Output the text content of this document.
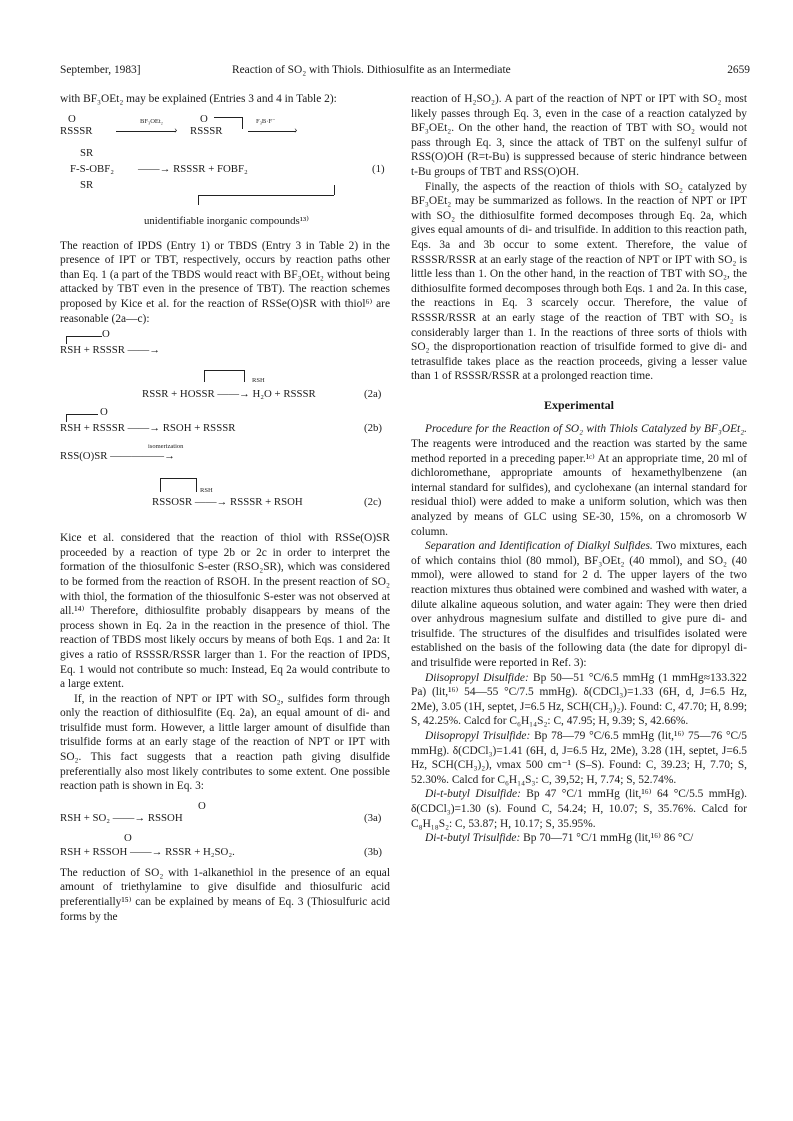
September, 1983]	Reaction of SO₂ with Thiols. Dithiosulfite as an Intermediate	2659

with BF₃OEt₂ may be explained (Entries 3 and 4 in Table 2):

O
RSSSR
BF₃OEt₂
›
O
RSSSR
F₃B·F⁻
›
SR
F-S-OBF₂ ——→ RSSSR + FOBF₂	(1)
SR
unidentifiable inorganic compounds¹³⁾

The reaction of IPDS (Entry 1) or TBDS (Entry 3 in Table 2) in the presence of IPT or TBT, respectively, occurs by reaction paths other than Eq. 1 (a part of the TBDS would react with BF₃OEt₂ without being attacked by TBT even in the presence of TBT). The reaction schemes proposed by Kice et al. for the reaction of RSSe(O)SR with thiol⁶⁾ are reasonable (2a—c):

O
RSH + RSSSR ——→
RSH
RSSR + HOSSR ——→ H₂O + RSSSR	(2a)
O
RSH + RSSSR ——→ RSOH + RSSSR	(2b)
isomerization
RSS(O)SR —————→
RSH
RSSOSR ——→ RSSSR + RSOH	(2c)

Kice et al. considered that the reaction of thiol with RSSe(O)SR proceeded by a reaction of type 2b or 2c in order to interpret the formation of the thiosulfonic S-ester (RSO₂SR), which was considered to be formed from the reaction of RSOH. In the present reaction of SO₂ with thiol, the formation of the thiosulfonic S-ester was not observed at all.¹⁴⁾ Therefore, dithiosulfite probably disappears by means of the process shown in Eq. 2a in the reaction in the presence of thiol. The reaction of TBDS most likely occurs by means of both Eqs. 1 and 2a: It gives a ratio of RSSSR/RSSR larger than 1. For the reaction of IPDS, Eq. 1 would not contribute so much: Instead, Eq 2a would contribute to a large extent.

If, in the reaction of NPT or IPT with SO₂, sulfides form through only the reaction of dithiosulfite (Eq. 2a), an equal amount of di- and trisulfide must form. However, a little larger amount of disulfide than trisulfide forms at an early stage of the reaction of NPT or IPT with SO₂. This fact suggests that a reaction path giving disulfide preferentially also most likely contributes to some extent. One possible reaction path is shown in Eq. 3:

O
RSH + SO₂ ——→ RSSOH	(3a)
O
RSH + RSSOH ——→ RSSR + H₂SO₂.	(3b)

The reduction of SO₂ with 1-alkanethiol in the presence of an equal amount of triethylamine to give disulfide and thiosulfuric acid preferentially¹⁵⁾ can be explained by means of Eq. 3 (Thiosulfuric acid forms by the

reaction of H₂SO₂). A part of the reaction of NPT or IPT with SO₂ most likely passes through Eq. 3, even in the case of a reaction catalyzed by BF₃OEt₂. On the other hand, the reaction of TBT with SO₂ would not pass through Eq. 3, since the attack of TBT on the sulfenyl sulfur of RSS(O)OH (R=t-Bu) is suppressed because of steric hindrance between t-Bu groups of TBT and RSS(O)OH.

Finally, the aspects of the reaction of thiols with SO₂ catalyzed by BF₃OEt₂ may be summarized as follows. In the reaction of NPT or IPT with SO₂ the dithiosulfite formed decomposes through Eq. 2a, which gives equal amounts of di- and trisulfide. In addition to this reaction path, Eqs. 3a and 3b occur to some extent. Therefore, the value of RSSSR/RSSR at an early stage of the reaction of NPT or IPT with SO₂ is little less than 1. On the other hand, in the reaction of TBT with SO₂, the dithiosulfite formed decomposes through both Eqs. 1 and 2a. In this case, the reactions in Eq. 3 scarcely occur. Therefore, the value of RSSSR/RSSR at an early stage of the reaction of TBT with SO₂ is considerably larger than 1. In the reactions of three sorts of thiols with SO₂ the disproportionation reaction of trisulfide formed to give di- and tetrasulfide takes place as the reaction proceeds, giving a lesser value than 1 of RSSSR/RSSR at a prolonged reaction time.

Experimental

Procedure for the Reaction of SO₂ with Thiols Catalyzed by BF₃OEt₂. The reagents were introduced and the reaction was started by the same method reported in a preceding paper.¹ᶜ⁾ At an appropriate time, 20 ml of dichloromethane, appropriate amounts of hexamethylbenzene (an internal standard for sulfides), and cyclohexane (an internal standard for residual thiol) were added to make a uniform solution, which was then analyzed by means of GLC using SE-30, 15%, on a chromosorb W column.

Separation and Identification of Dialkyl Sulfides. Two mixtures, each of which contains thiol (80 mmol), BF₃OEt₂ (40 mmol), and SO₂ (40 mmol), were allowed to stand for 2 d. The upper layers of the two reaction mixtures thus obtained were combined and washed with water, a dilute alkaline aqueous solution, and water again: They were then dried over anhydrous magnesium sulfate and distilled to give pure di- and trisulfide. The structures of the disulfides and trisulfides isolated were established on the basis of the following data (the date for dipropyl di- and trisulfide were reported in Ref. 3):

Diisopropyl Disulfide: Bp 50—51 °C/6.5 mmHg (1 mmHg≈133.322 Pa) (lit,¹⁶⁾ 54—55 °C/7.5 mmHg). δ(CDCl₃)=1.33 (6H, d, J=6.5 Hz, 2Me), 3.05 (1H, septet, J=6.5 Hz, SCH(CH₃)₂). Found: C, 47.70; H, 8.99; S, 42.25%. Calcd for C₆H₁₄S₂: C, 47.95; H, 9.39; S, 42.66%.

Diisopropyl Trisulfide: Bp 78—79 °C/6.5 mmHg (lit,¹⁶⁾ 75—76 °C/5 mmHg). δ(CDCl₃)=1.41 (6H, d, J=6.5 Hz, 2Me), 3.28 (1H, septet, J=6.5 Hz, SCH(CH₃)₂), νmax 500 cm⁻¹ (S–S). Found: C, 39.23; H, 7.70; S, 52.30%. Calcd for C₆H₁₄S₃: C, 39,52; H, 7.74; S, 52.74%.

Di-t-butyl Disulfide: Bp 47 °C/1 mmHg (lit,¹⁶⁾ 64 °C/5.5 mmHg). δ(CDCl₃)=1.30 (s). Found C, 54.24; H, 10.07; S, 35.76%. Calcd for C₈H₁₈S₂: C, 53.87; H, 10.17; S, 35.95%.

Di-t-butyl Trisulfide: Bp 70—71 °C/1 mmHg (lit,¹⁶⁾ 86 °C/
